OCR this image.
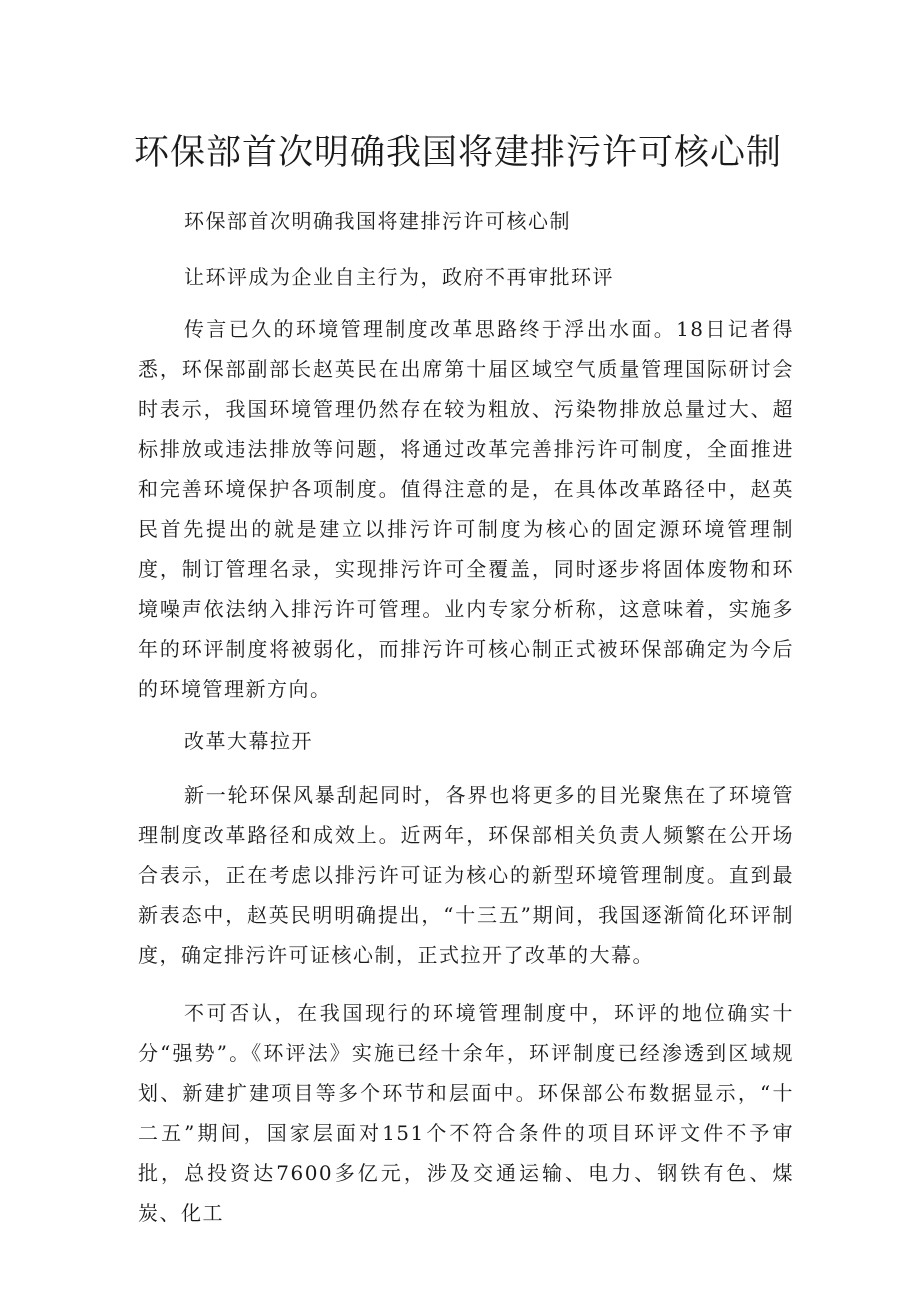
环保部首次明确我国将建排污许可核心制

环保部首次明确我国将建排污许可核心制

让环评成为企业自主行为，政府不再审批环评

传言已久的环境管理制度改革思路终于浮出水面。18日记者得悉，环保部副部长赵英民在出席第十届区域空气质量管理国际研讨会时表示，我国环境管理仍然存在较为粗放、污染物排放总量过大、超标排放或违法排放等问题，将通过改革完善排污许可制度，全面推进和完善环境保护各项制度。值得注意的是，在具体改革路径中，赵英民首先提出的就是建立以排污许可制度为核心的固定源环境管理制度，制订管理名录，实现排污许可全覆盖，同时逐步将固体废物和环境噪声依法纳入排污许可管理。业内专家分析称，这意味着，实施多年的环评制度将被弱化，而排污许可核心制正式被环保部确定为今后的环境管理新方向。

改革大幕拉开

新一轮环保风暴刮起同时，各界也将更多的目光聚焦在了环境管理制度改革路径和成效上。近两年，环保部相关负责人频繁在公开场合表示，正在考虑以排污许可证为核心的新型环境管理制度。直到最新表态中，赵英民明明确提出，“十三五”期间，我国逐渐简化环评制度，确定排污许可证核心制，正式拉开了改革的大幕。

不可否认，在我国现行的环境管理制度中，环评的地位确实十分“强势”。《环评法》实施已经十余年，环评制度已经渗透到区域规划、新建扩建项目等多个环节和层面中。环保部公布数据显示，“十二五”期间，国家层面对151个不符合条件的项目环评文件不予审批，总投资达7600多亿元，涉及交通运输、电力、钢铁有色、煤炭、化工
